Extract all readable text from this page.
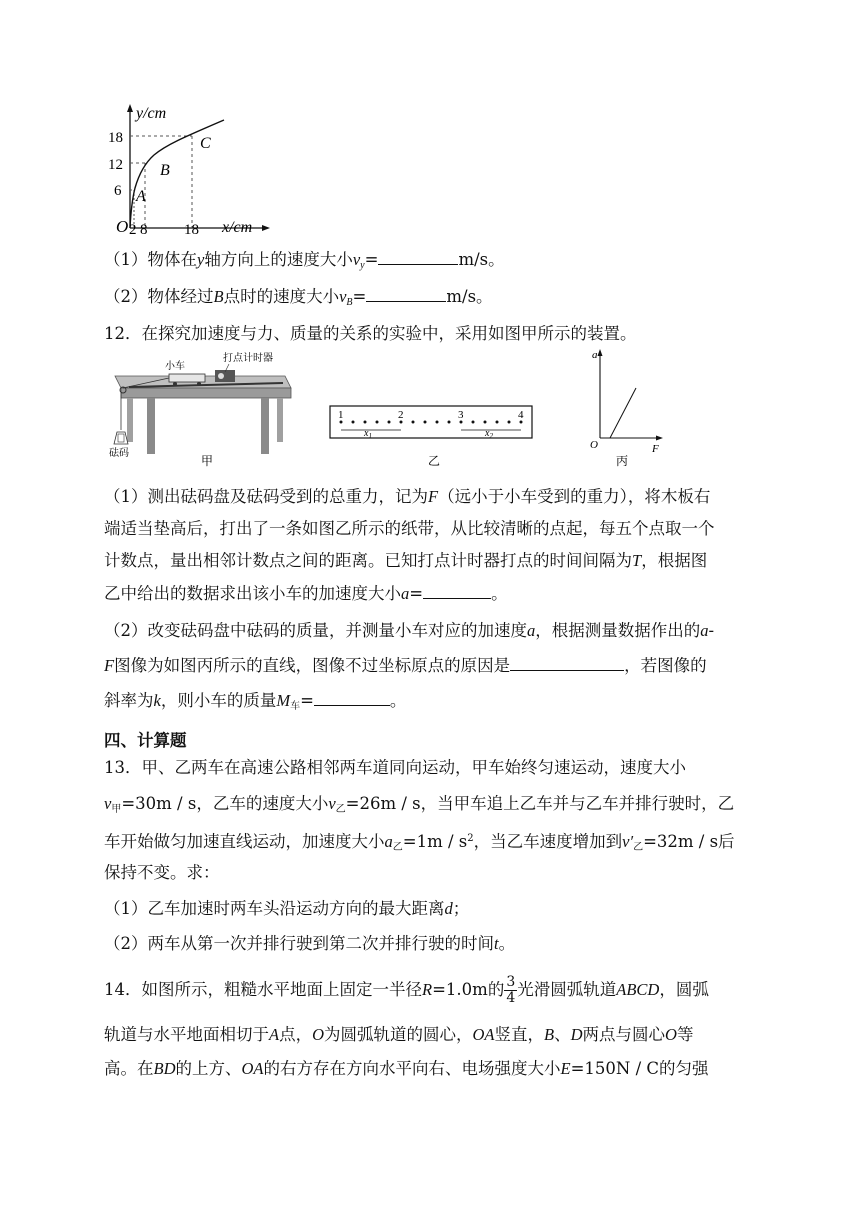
O
y/cm
x/cm
18
12
6
2 8 18
A
B
C
（1）物体在y轴方向上的速度大小$v_y=$	m/s。
（2）物体经过B点时的速度大小$v_B=$	m/s。
12．在探究加速度与力、质量的关系的实验中，采用如图甲所示的装置。
小车
打点计时器
砝码
甲
1	2	3	4
$x_1$	$x_2$
乙
a
F
O
丙
（1）测出砝码盘及砝码受到的总重力，记为F（远小于小车受到的重力），将木板右
端适当垫高后，打出了一条如图乙所示的纸带，从比较清晰的点起，每五个点取一个
计数点，量出相邻计数点之间的距离。已知打点计时器打点的时间间隔为T，根据图
乙中给出的数据求出该小车的加速度大小a=	。
（2）改变砝码盘中砝码的质量，并测量小车对应的加速度a，根据测量数据作出的a-
F图像为如图丙所示的直线，图像不过坐标原点的原因是	，若图像的
斜率为k，则小车的质量$M_车=$	。
四、计算题
13．甲、乙两车在高速公路相邻两车道同向运动，甲车始终匀速运动，速度大小
$v_甲=30m / s$，乙车的速度大小$v_乙=26m / s$，当甲车追上乙车并与乙车并排行驶时，乙
车开始做匀加速直线运动，加速度大小$a_乙=1m / s^2$，当乙车速度增加到$v'_乙=32m / s$后
保持不变。求：
（1）乙车加速时两车头沿运动方向的最大距离d；
（2）两车从第一次并排行驶到第二次并排行驶的时间t。
14．如图所示，粗糙水平地面上固定一半径R=1.0m的 $\frac{3}{4}$ 光滑圆弧轨道ABCD，圆弧
轨道与水平地面相切于A点，O为圆弧轨道的圆心，OA竖直，B、D两点与圆心O等
高。在BD的上方、OA的右方存在方向水平向右、电场强度大小E=150N / C的匀强
